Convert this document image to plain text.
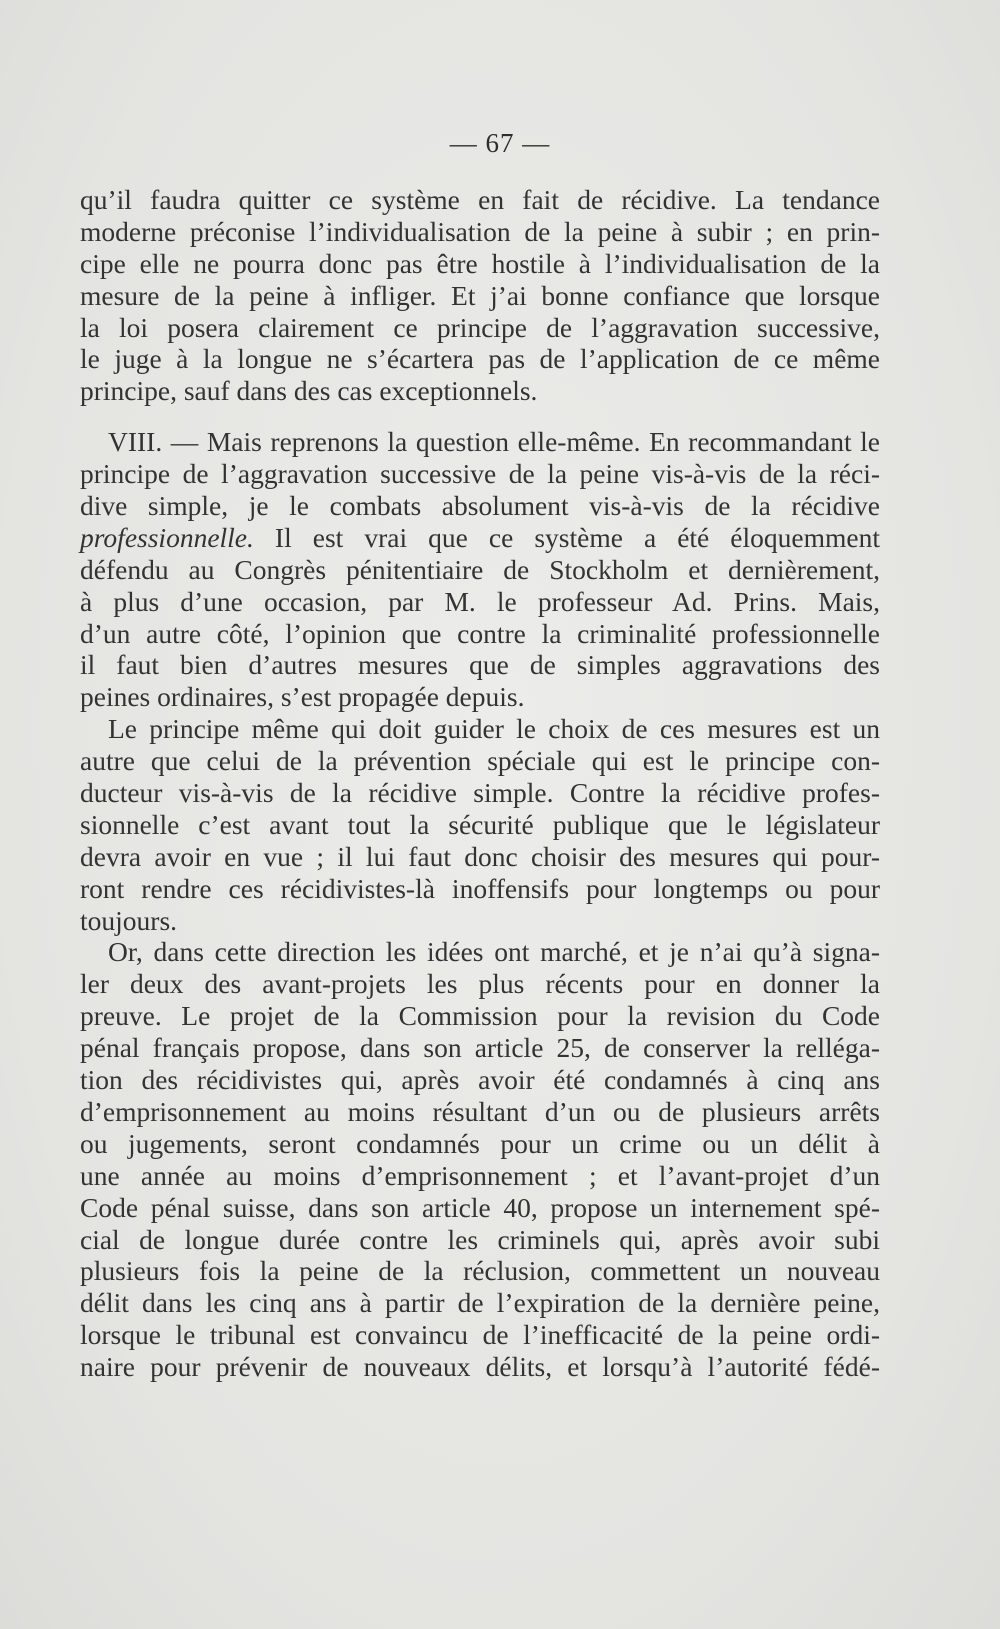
— 67 —
qu’il faudra quitter ce système en fait de récidive. La tendance
moderne préconise l’individualisation de la peine à subir ; en prin-
cipe elle ne pourra donc pas être hostile à l’individualisation de la
mesure de la peine à infliger. Et j’ai bonne confiance que lorsque
la loi posera clairement ce principe de l’aggravation successive,
le juge à la longue ne s’écartera pas de l’application de ce même
principe, sauf dans des cas exceptionnels.
VIII. — Mais reprenons la question elle-même. En recommandant le
principe de l’aggravation successive de la peine vis-à-vis de la réci-
dive simple, je le combats absolument vis-à-vis de la récidive
professionnelle. Il est vrai que ce système a été éloquemment
défendu au Congrès pénitentiaire de Stockholm et dernièrement,
à plus d’une occasion, par M. le professeur Ad. Prins. Mais,
d’un autre côté, l’opinion que contre la criminalité professionnelle
il faut bien d’autres mesures que de simples aggravations des
peines ordinaires, s’est propagée depuis.
Le principe même qui doit guider le choix de ces mesures est un
autre que celui de la prévention spéciale qui est le principe con-
ducteur vis-à-vis de la récidive simple. Contre la récidive profes-
sionnelle c’est avant tout la sécurité publique que le législateur
devra avoir en vue ; il lui faut donc choisir des mesures qui pour-
ront rendre ces récidivistes-là inoffensifs pour longtemps ou pour
toujours.
Or, dans cette direction les idées ont marché, et je n’ai qu’à signa-
ler deux des avant-projets les plus récents pour en donner la
preuve. Le projet de la Commission pour la revision du Code
pénal français propose, dans son article 25, de conserver la relléga-
tion des récidivistes qui, après avoir été condamnés à cinq ans
d’emprisonnement au moins résultant d’un ou de plusieurs arrêts
ou jugements, seront condamnés pour un crime ou un délit à
une année au moins d’emprisonnement ; et l’avant-projet d’un
Code pénal suisse, dans son article 40, propose un internement spé-
cial de longue durée contre les criminels qui, après avoir subi
plusieurs fois la peine de la réclusion, commettent un nouveau
délit dans les cinq ans à partir de l’expiration de la dernière peine,
lorsque le tribunal est convaincu de l’inefficacité de la peine ordi-
naire pour prévenir de nouveaux délits, et lorsqu’à l’autorité fédé-
